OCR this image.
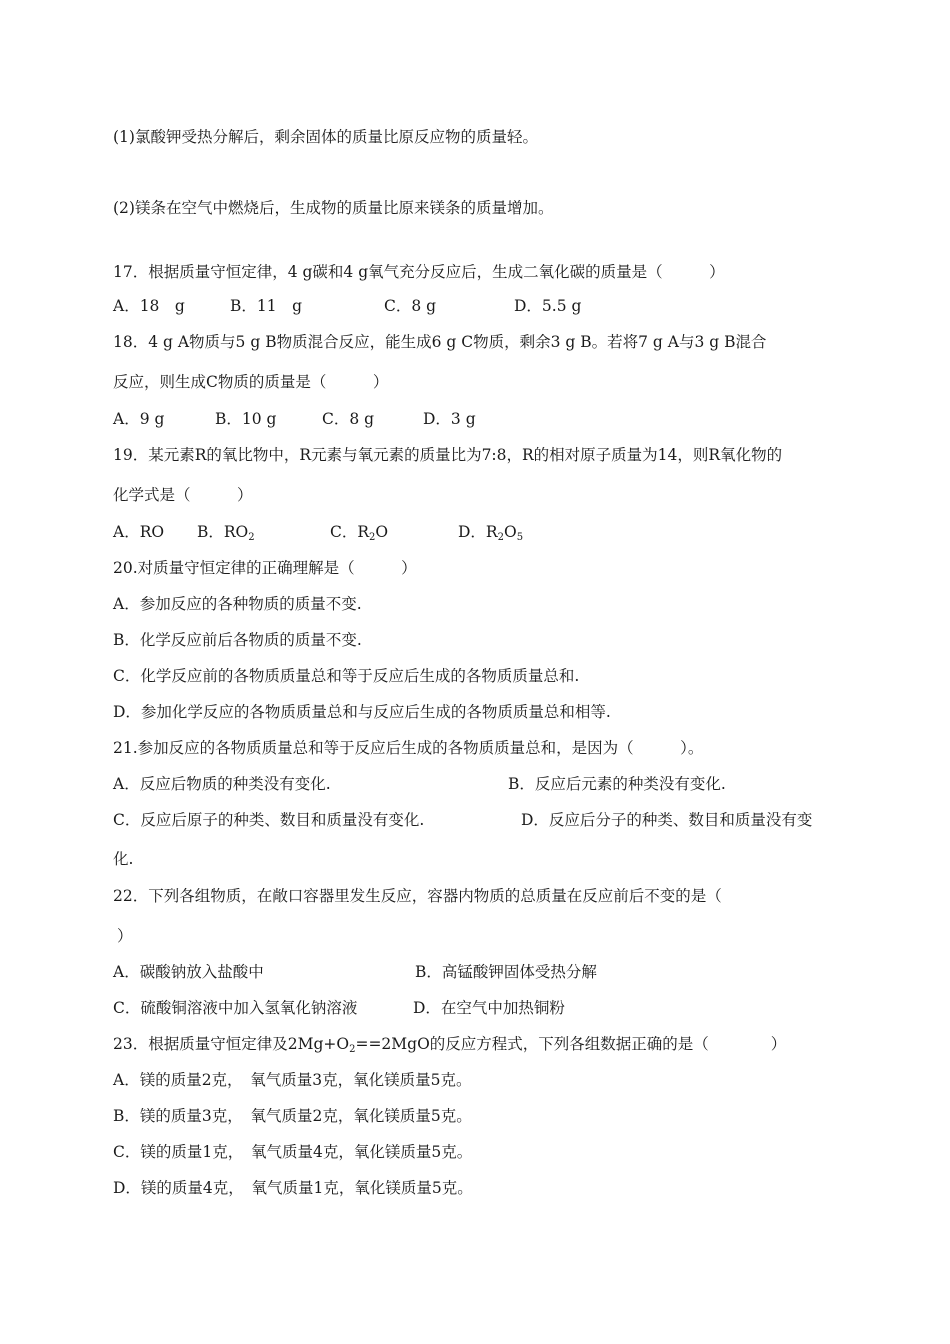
(1)氯酸钾受热分解后，剩余固体的质量比原反应物的质量轻。
(2)镁条在空气中燃烧后，生成物的质量比原来镁条的质量增加。
17．根据质量守恒定律，4 g碳和4 g氧气充分反应后，生成二氧化碳的质量是（　　　）
A．18　g	B．11　g	C．8 g	D．5.5 g
18．4 g A物质与5 g B物质混合反应，能生成6 g C物质，剩余3 g B。若将7 g A与3 g B混合
反应，则生成C物质的质量是（　　　）
A．9 g	B．10 g	C．8 g	D．3 g
19．某元素R的氧比物中，R元素与氧元素的质量比为7:8，R的相对原子质量为14，则R氧化物的
化学式是（　　　）
A．RO B．$RO_2$	C．$R_2O$	D．$R_2O_5$
20.对质量守恒定律的正确理解是（　　　）
A．参加反应的各种物质的质量不变.
B．化学反应前后各物质的质量不变.
C．化学反应前的各物质质量总和等于反应后生成的各物质质量总和.
D．参加化学反应的各物质质量总和与反应后生成的各物质质量总和相等.
21.参加反应的各物质质量总和等于反应后生成的各物质质量总和，是因为（　　　）。
A．反应后物质的种类没有变化.	B．反应后元素的种类没有变化.
C．反应后原子的种类、数目和质量没有变化.	D．反应后分子的种类、数目和质量没有变
化.
22．下列各组物质，在敞口容器里发生反应，容器内物质的总质量在反应前后不变的是（
）
A．碳酸钠放入盐酸中	B．高锰酸钾固体受热分解
C．硫酸铜溶液中加入氢氧化钠溶液	D．在空气中加热铜粉
23．根据质量守恒定律及$2Mg+O_2==2MgO$的反应方程式，下列各组数据正确的是（　　　　）
A．镁的质量2克，　氧气质量3克，氧化镁质量5克。
B．镁的质量3克，　氧气质量2克，氧化镁质量5克。
C．镁的质量1克，　氧气质量4克，氧化镁质量5克。
D．镁的质量4克，　氧气质量1克，氧化镁质量5克。
